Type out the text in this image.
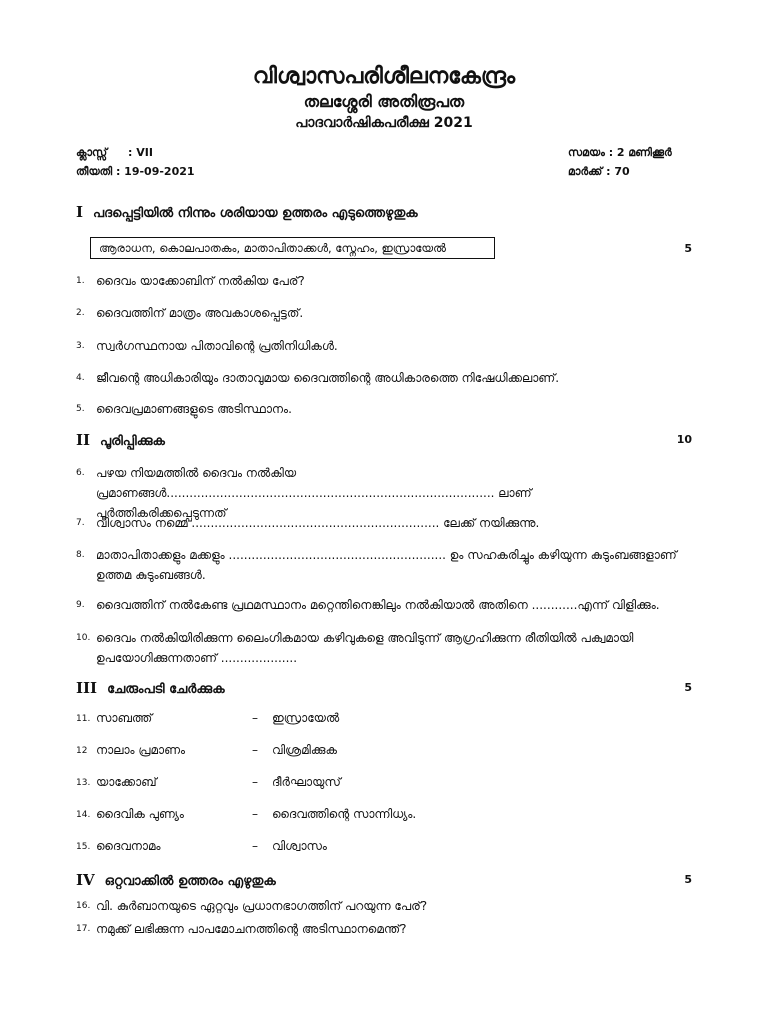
വിശ്വാസപരിശീലനകേന്ദ്രം
തലശ്ശേരി അതിരൂപത
പാദവാർഷികപരീക്ഷ 2021
ക്ലാസ്സ് : VII
തീയതി : 19-09-2021
സമയം : 2 മണിക്കൂർ
മാർക്ക് : 70
I പദപ്പെട്ടിയിൽ നിന്നും ശരിയായ ഉത്തരം എടുത്തെഴുതുക
ആരാധന, കൊലപാതകം, മാതാപിതാക്കൾ, സ്നേഹം, ഇസ്രായേൽ	5
1. ദൈവം യാക്കോബിന് നൽകിയ പേര്?
2. ദൈവത്തിന് മാത്രം അവകാശപ്പെട്ടത്.
3. സ്വർഗസ്ഥനായ പിതാവിന്റെ പ്രതിനിധികൾ.
4. ജീവന്റെ അധികാരിയും ദാതാവുമായ ദൈവത്തിന്റെ അധികാരത്തെ നിഷേധിക്കലാണ്.
5. ദൈവപ്രമാണങ്ങളുടെ അടിസ്ഥാനം.
II പൂരിപ്പിക്കുക	10
6. പഴയ നിയമത്തിൽ ദൈവം നൽകിയ പ്രമാണങ്ങൾ...................................................................................... ലാണ്
പൂർത്തികരിക്കപ്പെടുന്നത്
7. വിശ്വാസം നമ്മെ ................................................................. ലേക്ക് നയിക്കുന്നു.
8. മാതാപിതാക്കളും മക്കളും ......................................................... ഉം സഹകരിച്ചും കഴിയുന്ന കുടുംബങ്ങളാണ്
ഉത്തമ കുടുംബങ്ങൾ.
9. ദൈവത്തിന് നൽകേണ്ട പ്രഥമസ്ഥാനം മറ്റെന്തിനെങ്കിലും നൽകിയാൽ അതിനെ ............എന്ന് വിളിക്കും.
10. ദൈവം നൽകിയിരിക്കുന്ന ലൈംഗികമായ കഴിവുകളെ അവിടുന്ന് ആഗ്രഹിക്കുന്ന രീതിയിൽ പക്വമായി
ഉപയോഗിക്കുന്നതാണ് ....................
III ചേരുംപടി ചേർക്കുക	5
11. സാബത്ത്	– ഇസ്രായേൽ
12 നാലാം പ്രമാണം	– വിശ്രമിക്കുക
13. യാക്കോബ്	– ദീർഘായുസ്
14. ദൈവിക പുണ്യം	– ദൈവത്തിന്റെ സാന്നിധ്യം.
15. ദൈവനാമം	– വിശ്വാസം
IV ഒറ്റവാക്കിൽ ഉത്തരം എഴുതുക	5
16. വി. കുർബാനയുടെ ഏറ്റവും പ്രധാനഭാഗത്തിന് പറയുന്ന പേര്?
17. നമുക്ക് ലഭിക്കുന്ന പാപമോചനത്തിന്റെ അടിസ്ഥാനമെന്ത്?
